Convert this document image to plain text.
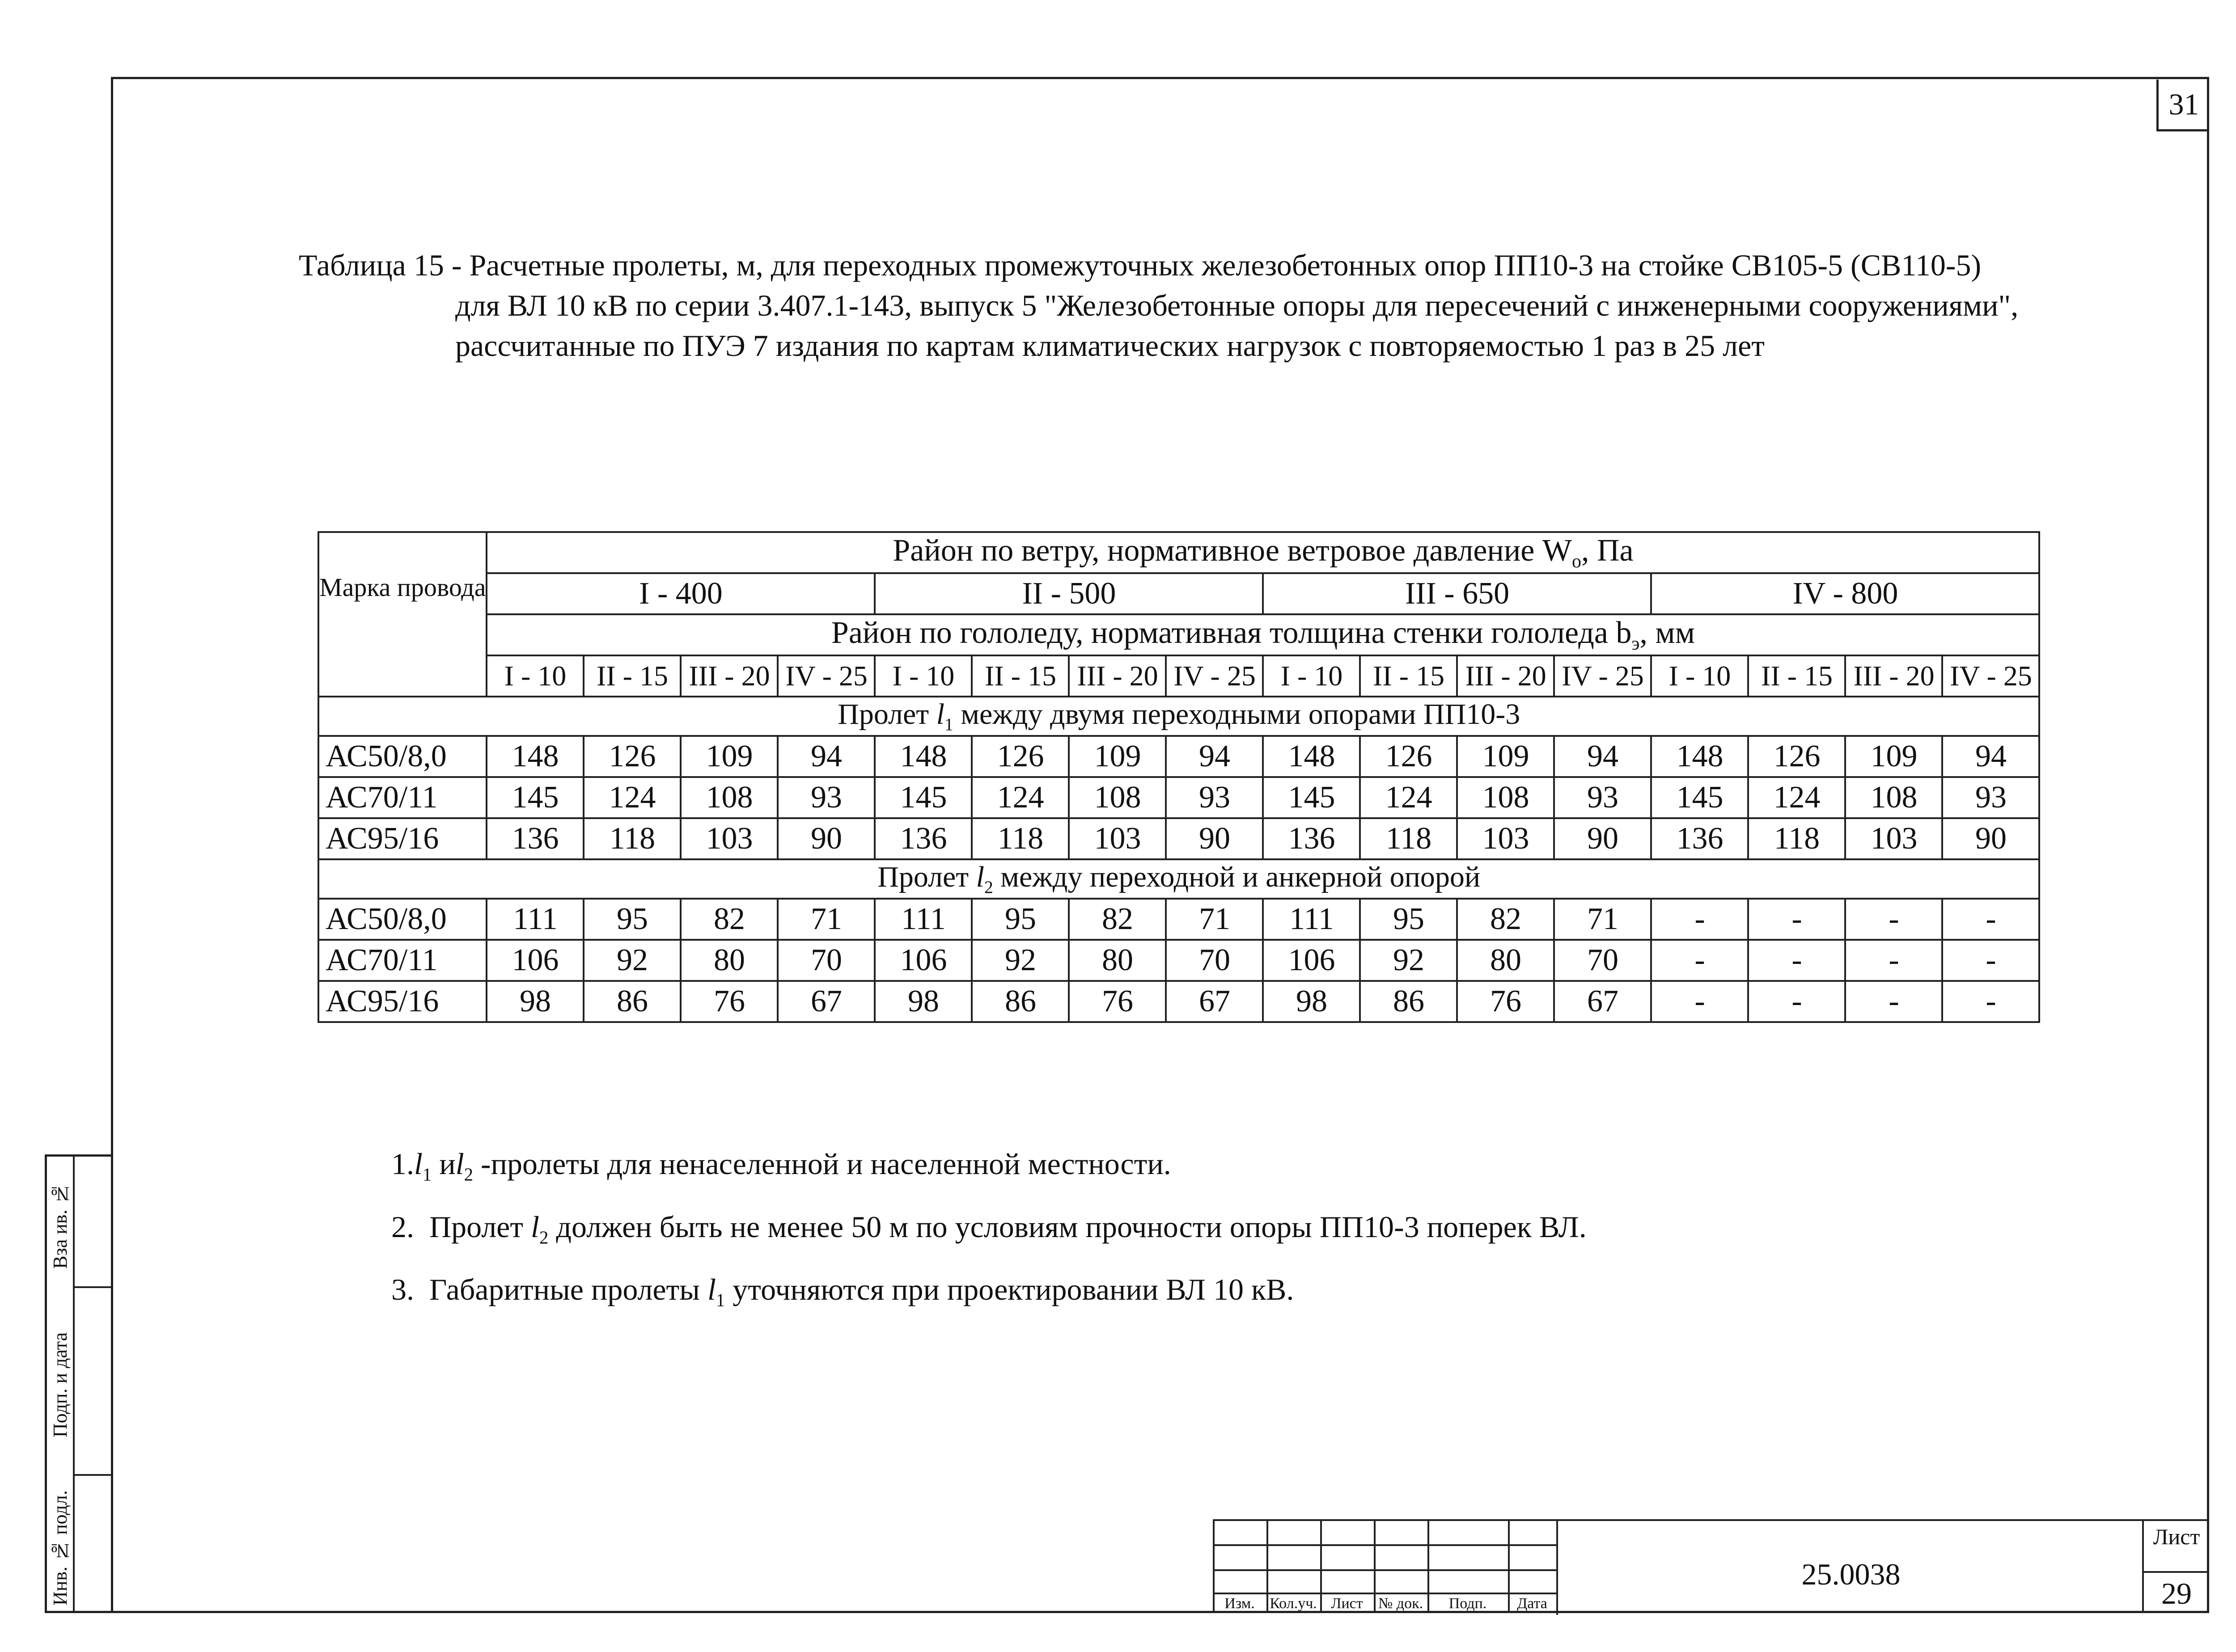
31
Таблица 15 - Расчетные пролеты, м, для переходных промежуточных железобетонных опор ПП10-3 на стойке СВ105-5 (СВ110-5)
для ВЛ 10 кВ по серии 3.407.1-143, выпуск 5 "Железобетонные опоры для пересечений с инженерными сооружениями",
рассчитанные по ПУЭ 7 издания по картам климатических нагрузок с повторяемостью 1 раз в 25 лет
Марка провода	Район по ветру, нормативное ветровое давление $W_o$, Па															
	I - 400				II - 500				III - 650				IV - 800			
	Район по гололеду, нормативная толщина стенки гололеда $b_э$, мм															
	I - 10	II - 15	III - 20	IV - 25	I - 10	II - 15	III - 20	IV - 25	I - 10	II - 15	III - 20	IV - 25	I - 10	II - 15	III - 20	IV - 25
Пролет $l_1$ между двумя переходными опорами ПП10-3																
АС50/8,0	148	126	109	94	148	126	109	94	148	126	109	94	148	126	109	94
АС70/11	145	124	108	93	145	124	108	93	145	124	108	93	145	124	108	93
АС95/16	136	118	103	90	136	118	103	90	136	118	103	90	136	118	103	90
Пролет $l_2$ между переходной и анкерной опорой																
АС50/8,0	111	95	82	71	111	95	82	71	111	95	82	71	-	-	-	-
АС70/11	106	92	80	70	106	92	80	70	106	92	80	70	-	-	-	-
АС95/16	98	86	76	67	98	86	76	67	98	86	76	67	-	-	-	-
$1.l_1$ $иl_2$ -пролеты для ненаселенной и населенной местности.
2.  Пролет $l_2$ должен быть не менее 50 м по условиям прочности опоры ПП10-3 поперек ВЛ.
3.  Габаритные пролеты $l_1$ уточняются при проектировании ВЛ 10 кВ.
Вза ив. №
Подп. и дата
Инв. № подл.	Изм. Кол.уч. Лист	№ док.	Подп.	Дата
25.0038
Лист
29
